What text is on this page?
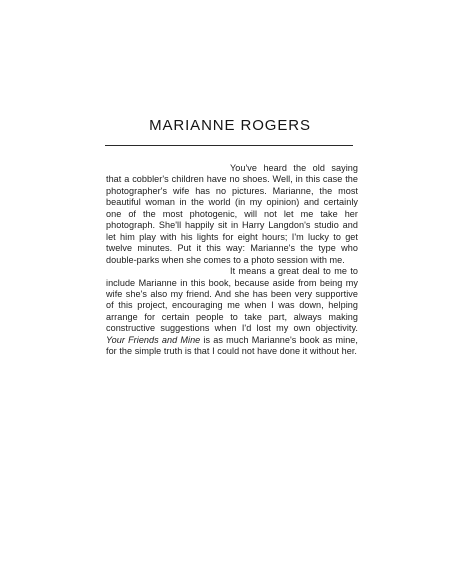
MARIANNE ROGERS

You've heard the old saying that a cobbler's children have no shoes. Well, in this case the photographer's wife has no pictures. Marianne, the most beautiful woman in the world (in my opinion) and certainly one of the most photogenic, will not let me take her photograph. She'll happily sit in Harry Langdon's studio and let him play with his lights for eight hours; I'm lucky to get twelve minutes. Put it this way: Marianne's the type who double-parks when she comes to a photo session with me.

It means a great deal to me to include Marianne in this book, because aside from being my wife she's also my friend. And she has been very supportive of this project, encouraging me when I was down, helping arrange for certain people to take part, always making constructive suggestions when I'd lost my own objectivity. Your Friends and Mine is as much Marianne's book as mine, for the simple truth is that I could not have done it without her.
